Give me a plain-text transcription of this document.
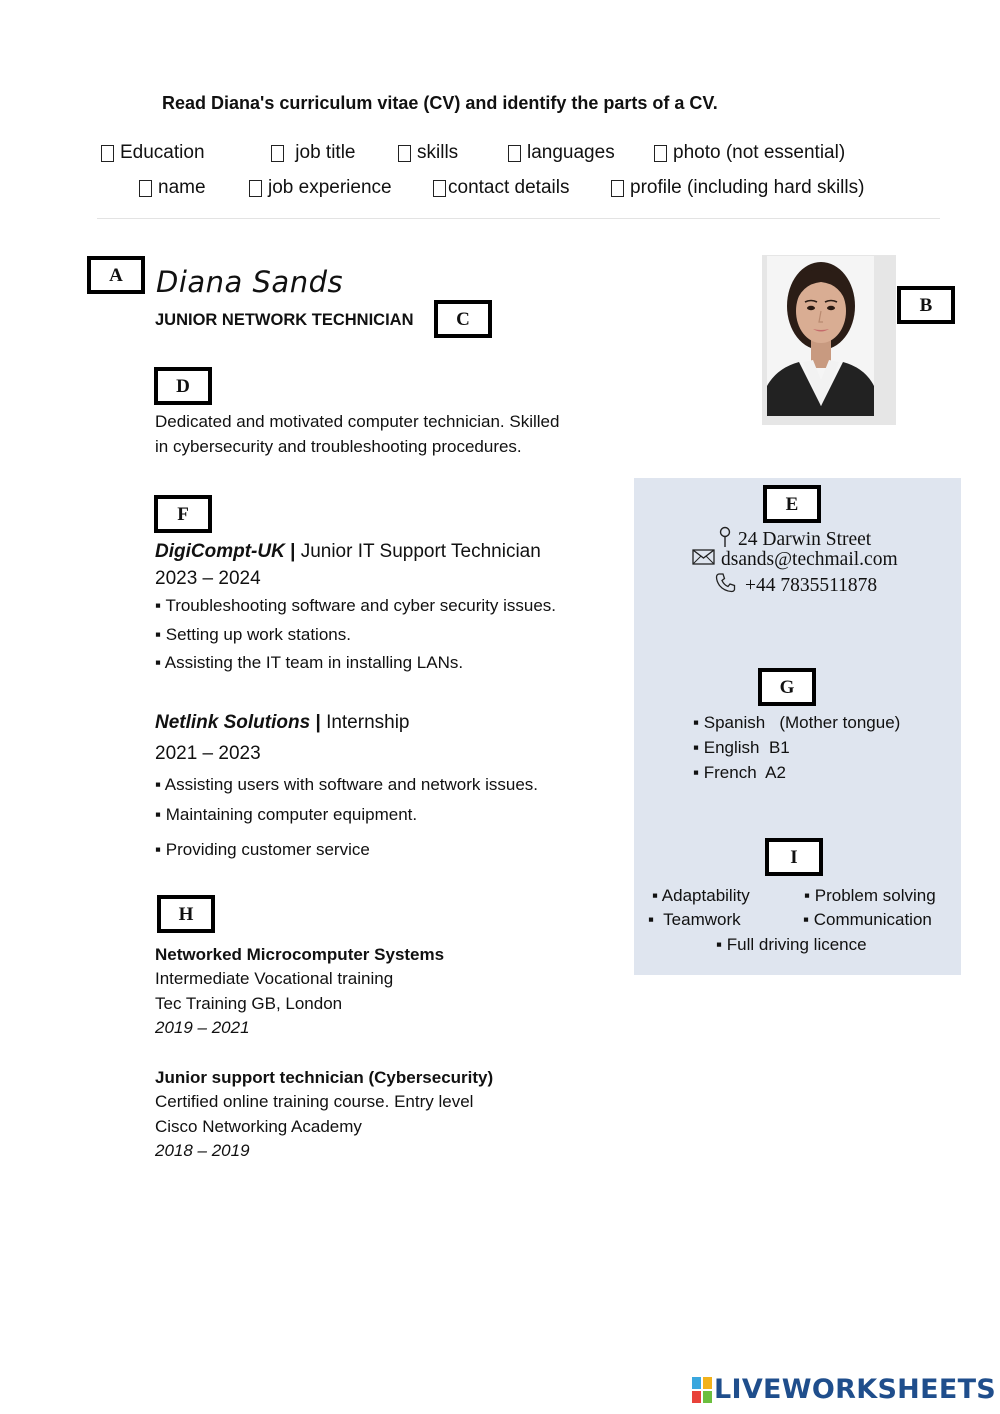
Read Diana's curriculum vitae (CV) and identify the parts of a CV.
Education	job title	skills	languages	photo (not essential)
name	job experience	contact details	profile (including hard skills)
A
B
C
D
E
F
G
I
H
Diana Sands
JUNIOR NETWORK TECHNICIAN
Dedicated and motivated computer technician. Skilled
in cybersecurity and troubleshooting procedures.
DigiCompt-UK | Junior IT Support Technician
2023 – 2024
▪ Troubleshooting software and cyber security issues.
▪ Setting up work stations.
▪ Assisting the IT team in installing LANs.
Netlink Solutions | Internship
2021 – 2023
▪ Assisting users with software and network issues.
▪ Maintaining computer equipment.
▪ Providing customer service
Networked Microcomputer Systems
Intermediate Vocational training
Tec Training GB, London
2019 – 2021
Junior support technician (Cybersecurity)
Certified online training course. Entry level
Cisco Networking Academy
2018 – 2019
24 Darwin Street
dsands@techmail.com
+44 7835511878
▪ Spanish   (Mother tongue)
▪ English  B1
▪ French  A2
▪ Adaptability	▪ Problem solving
▪  Teamwork	▪ Communication
▪ Full driving licence
LIVEWORKSHEETS
